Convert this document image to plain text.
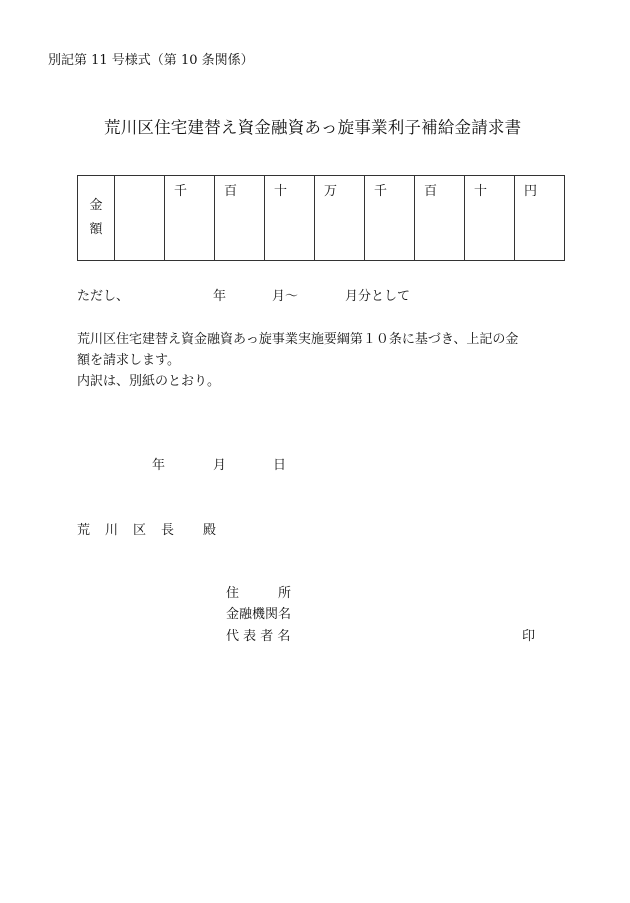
別記第 11 号様式（第 10 条関係）
荒川区住宅建替え資金融資あっ旋事業利子補給金請求書
金
額

千	百	十	万	千	百	十	円
ただし、	年	月～	月分として
荒川区住宅建替え資金融資あっ旋事業実施要綱第１０条に基づき、上記の金
額を請求します。
内訳は、別紙のとおり。
年	月	日
荒　川　区　長　　殿
住　　　所
金融機関名
代 表 者 名	印
